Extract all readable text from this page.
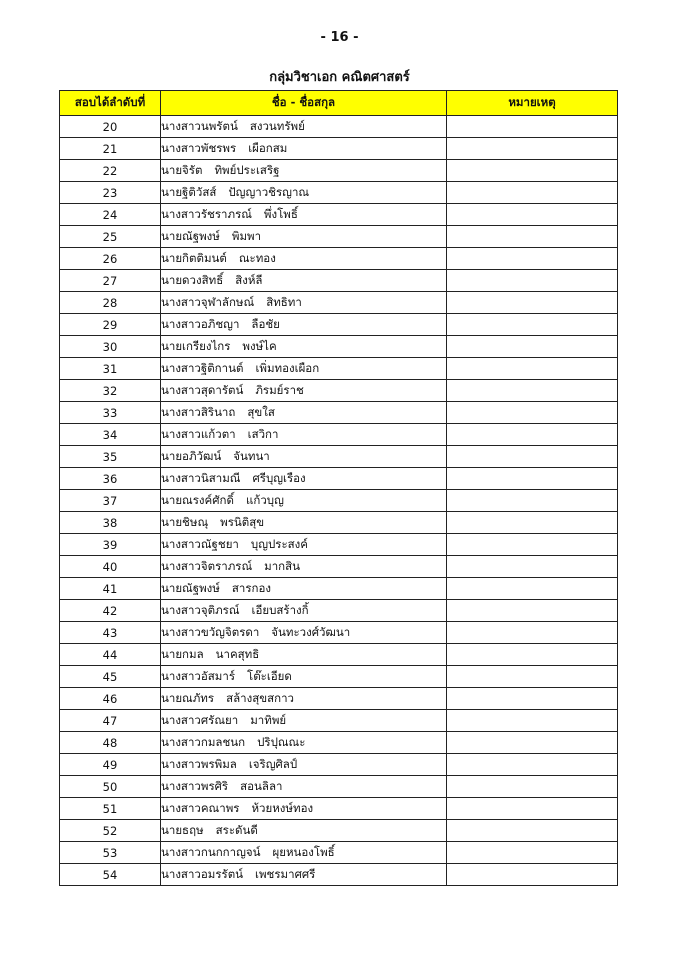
- 16 -
กลุ่มวิชาเอก คณิตศาสตร์
สอบได้ลำดับที่	ชื่อ - ชื่อสกุล	หมายเหตุ
20	นางสาวนพรัตน์ สงวนทรัพย์	
21	นางสาวพัชรพร เผือกสม	
22	นายจิรัต ทิพย์ประเสริฐ	
23	นายฐิติวัสส์ ปัญญาวชิรญาณ	
24	นางสาวรัชราภรณ์ พึ่งโพธิ์	
25	นายณัฐพงษ์ พิมพา	
26	นายกิตติมนต์ ณะทอง	
27	นายดวงสิทธิ์ สิงห์ลี	
28	นางสาวจุฬาลักษณ์ สิทธิทา	
29	นางสาวอภิชญา ลือชัย	
30	นายเกรียงไกร พงษ์ไค	
31	นางสาวฐิติกานต์ เพิ่มทองเผือก	
32	นางสาวสุดารัตน์ ภิรมย์ราช	
33	นางสาวสิรินาถ สุขใส	
34	นางสาวแก้วตา เสวิกา	
35	นายอภิวัฒน์ จันทนา	
36	นางสาวนิสามณี ศรีบุญเรือง	
37	นายณรงค์ศักดิ์ แก้วบุญ	
38	นายชิษณุ พรนิติสุข	
39	นางสาวณัฐชยา บุญประสงค์	
40	นางสาวจิตราภรณ์ มากสิน	
41	นายณัฐพงษ์ สารกอง	
42	นางสาวจุติภรณ์ เอียบสร้างกิ้	
43	นางสาวขวัญจิตรดา จันทะวงศ์วัฒนา	
44	นายกมล นาคสุทธิ	
45	นางสาวอัสมาร์ โต๊ะเอียด	
46	นายณภัทร สล้างสุขสกาว	
47	นางสาวศรัณยา มาทิพย์	
48	นางสาวกมลชนก ปริปุณณะ	
49	นางสาวพรพิมล เจริญศิลป์	
50	นางสาวพรศิริ สอนลิลา	
51	นางสาวคณาพร ห้วยหงษ์ทอง	
52	นายธฤษ สระดันดี	
53	นางสาวกนกกาญจน์ ผุยหนองโพธิ์	
54	นางสาวอมรรัตน์ เพชรมาศศรี	
